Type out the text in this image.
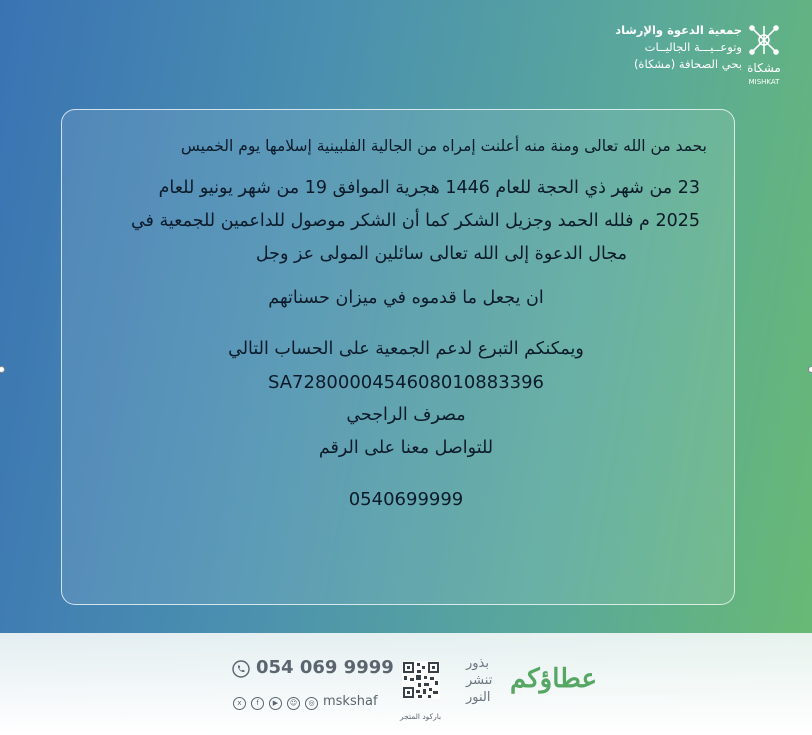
جمعية الدعوة والإرشاد
وتوعــيـــة الجاليــات
بحي الصحافة (مشكاة) مشكاة
MISHKAT
بحمد من الله تعالى ومنة منه أعلنت إمراه من الجالية الفلبينية إسلامها يوم الخميس
23 من شهر ذي الحجة للعام 1446 هجرية الموافق 19 من شهر يونيو للعام
2025 م فلله الحمد وجزيل الشكر كما أن الشكر موصول للداعمين للجمعية في
مجال الدعوة إلى الله تعالى سائلين المولى عز وجل
ان يجعل ما قدموه في ميزان حسناتهم
ويمكنكم التبرع لدعم الجمعية على الحساب التالي
SA7280000454608010883396
مصرف الراجحي
للتواصل معنا على الرقم
0540699999
054 069 9999
x	f	▶	☺	◎ mskshaf
باركود المتجر
بذور
تنشر
النور
عطاؤكم
